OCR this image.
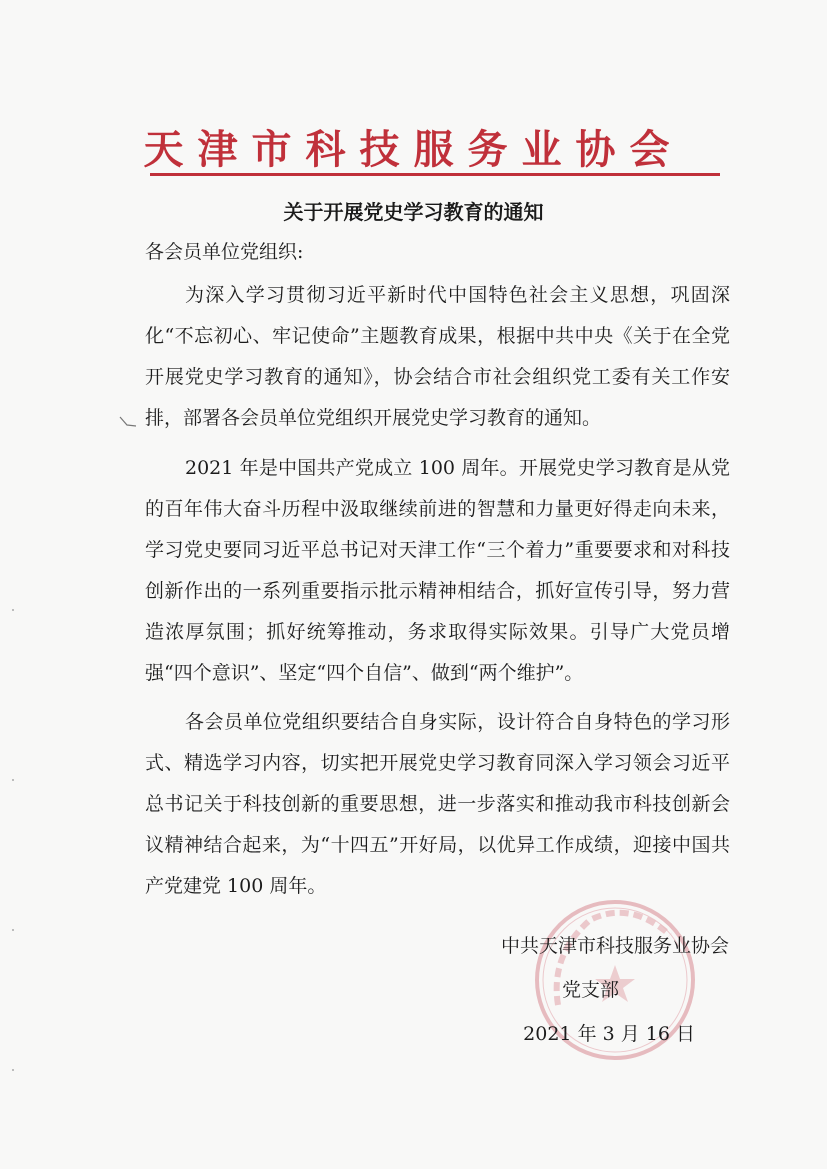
天津市科技服务业协会
关于开展党史学习教育的通知
各会员单位党组织:
为深入学习贯彻习近平新时代中国特色社会主义思想，巩固深化“不忘初心、牢记使命”主题教育成果，根据中共中央《关于在全党开展党史学习教育的通知》，协会结合市社会组织党工委有关工作安排，部署各会员单位党组织开展党史学习教育的通知。
2021 年是中国共产党成立 100 周年。开展党史学习教育是从党的百年伟大奋斗历程中汲取继续前进的智慧和力量更好得走向未来，学习党史要同习近平总书记对天津工作“三个着力”重要要求和对科技创新作出的一系列重要指示批示精神相结合，抓好宣传引导，努力营造浓厚氛围；抓好统筹推动，务求取得实际效果。引导广大党员增强“四个意识”、坚定“四个自信”、做到“两个维护”。
各会员单位党组织要结合自身实际，设计符合自身特色的学习形式、精选学习内容，切实把开展党史学习教育同深入学习领会习近平总书记关于科技创新的重要思想，进一步落实和推动我市科技创新会议精神结合起来，为“十四五”开好局，以优异工作成绩，迎接中国共产党建党 100 周年。
中共天津市科技服务业协会
党支部
2021 年 3 月 16 日
